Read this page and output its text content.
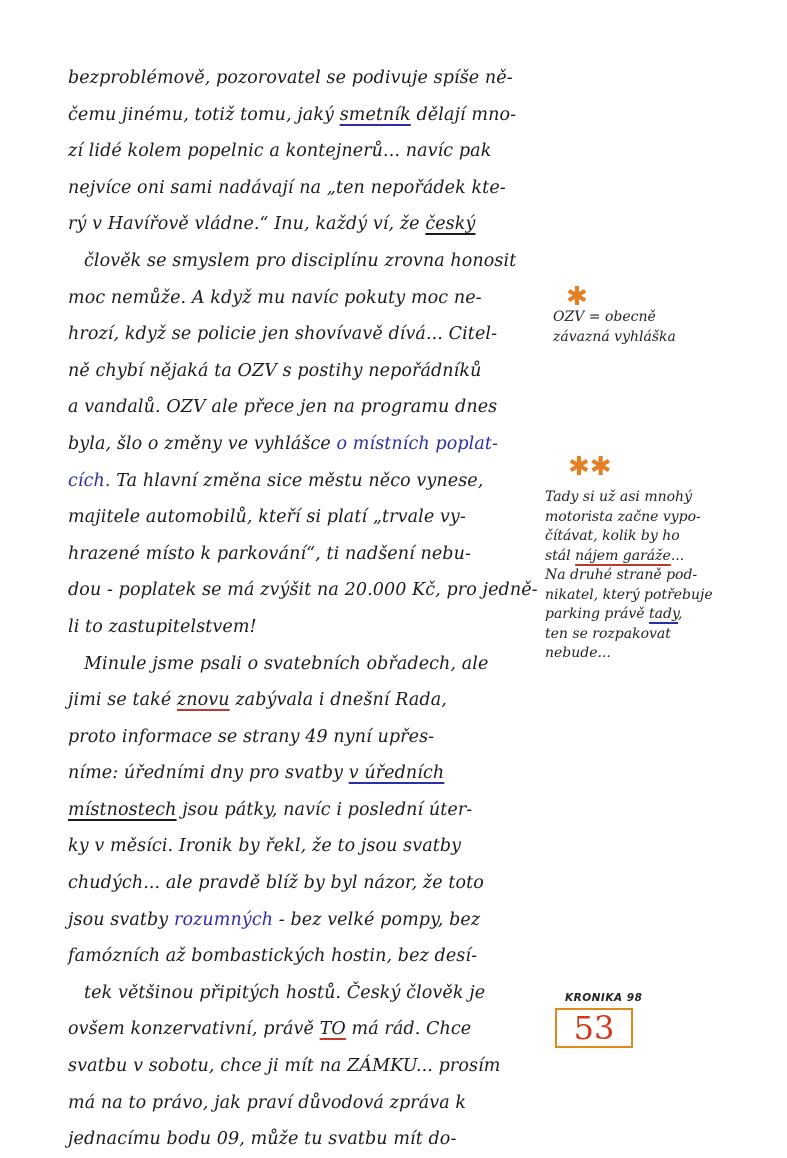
bezproblémově, pozorovatel se podivuje spíše ně-
čemu jinému, totiž tomu, jaký smetník dělají mno-
zí lidé kolem popelnic a kontejnerů... navíc pak
nejvíce oni sami nadávají na „ten nepořádek kte-
rý v Havířově vládne.“ Inu, každý ví, že český
člověk se smyslem pro disciplínu zrovna honosit
moc nemůže. A když mu navíc pokuty moc ne-
hrozí, když se policie jen shovívavě dívá... Citel-
ně chybí nějaká ta OZV s postihy nepořádníků
a vandalů. OZV ale přece jen na programu dnes
byla, šlo o změny ve vyhlášce o místních poplat-
cích. Ta hlavní změna sice městu něco vynese,
majitele automobilů, kteří si platí „trvale vy-
hrazené místo k parkování“, ti nadšení nebu-
dou - poplatek se má zvýšit na 20.000 Kč, pro jedně-
li to zastupitelstvem!
Minule jsme psali o svatebních obřadech, ale
jimi se také znovu zabývala i dnešní Rada,
proto informace se strany 49 nyní upřes-
níme: úředními dny pro svatby v úředních
místnostech jsou pátky, navíc i poslední úter-
ky v měsíci. Ironik by řekl, že to jsou svatby
chudých... ale pravdě blíž by byl názor, že toto
jsou svatby rozumných - bez velké pompy, bez
famózních až bombastických hostin, bez desí-
tek většinou připitých hostů. Český člověk je
ovšem konzervativní, právě TO má rád. Chce
svatbu v sobotu, chce ji mít na ZÁMKU... prosím
má na to právo, jak praví důvodová zpráva k
jednacímu bodu 09, může tu svatbu mít do-
✱
OZV = obecně
závazná vyhláška
✱✱
Tady si už asi mnohý
motorista začne vypo-
čítávat, kolik by ho
stál nájem garáže...
Na druhé straně pod-
nikatel, který potřebuje
parking právě tady,
ten se rozpakovat
nebude...
KRONIKA 98
53
